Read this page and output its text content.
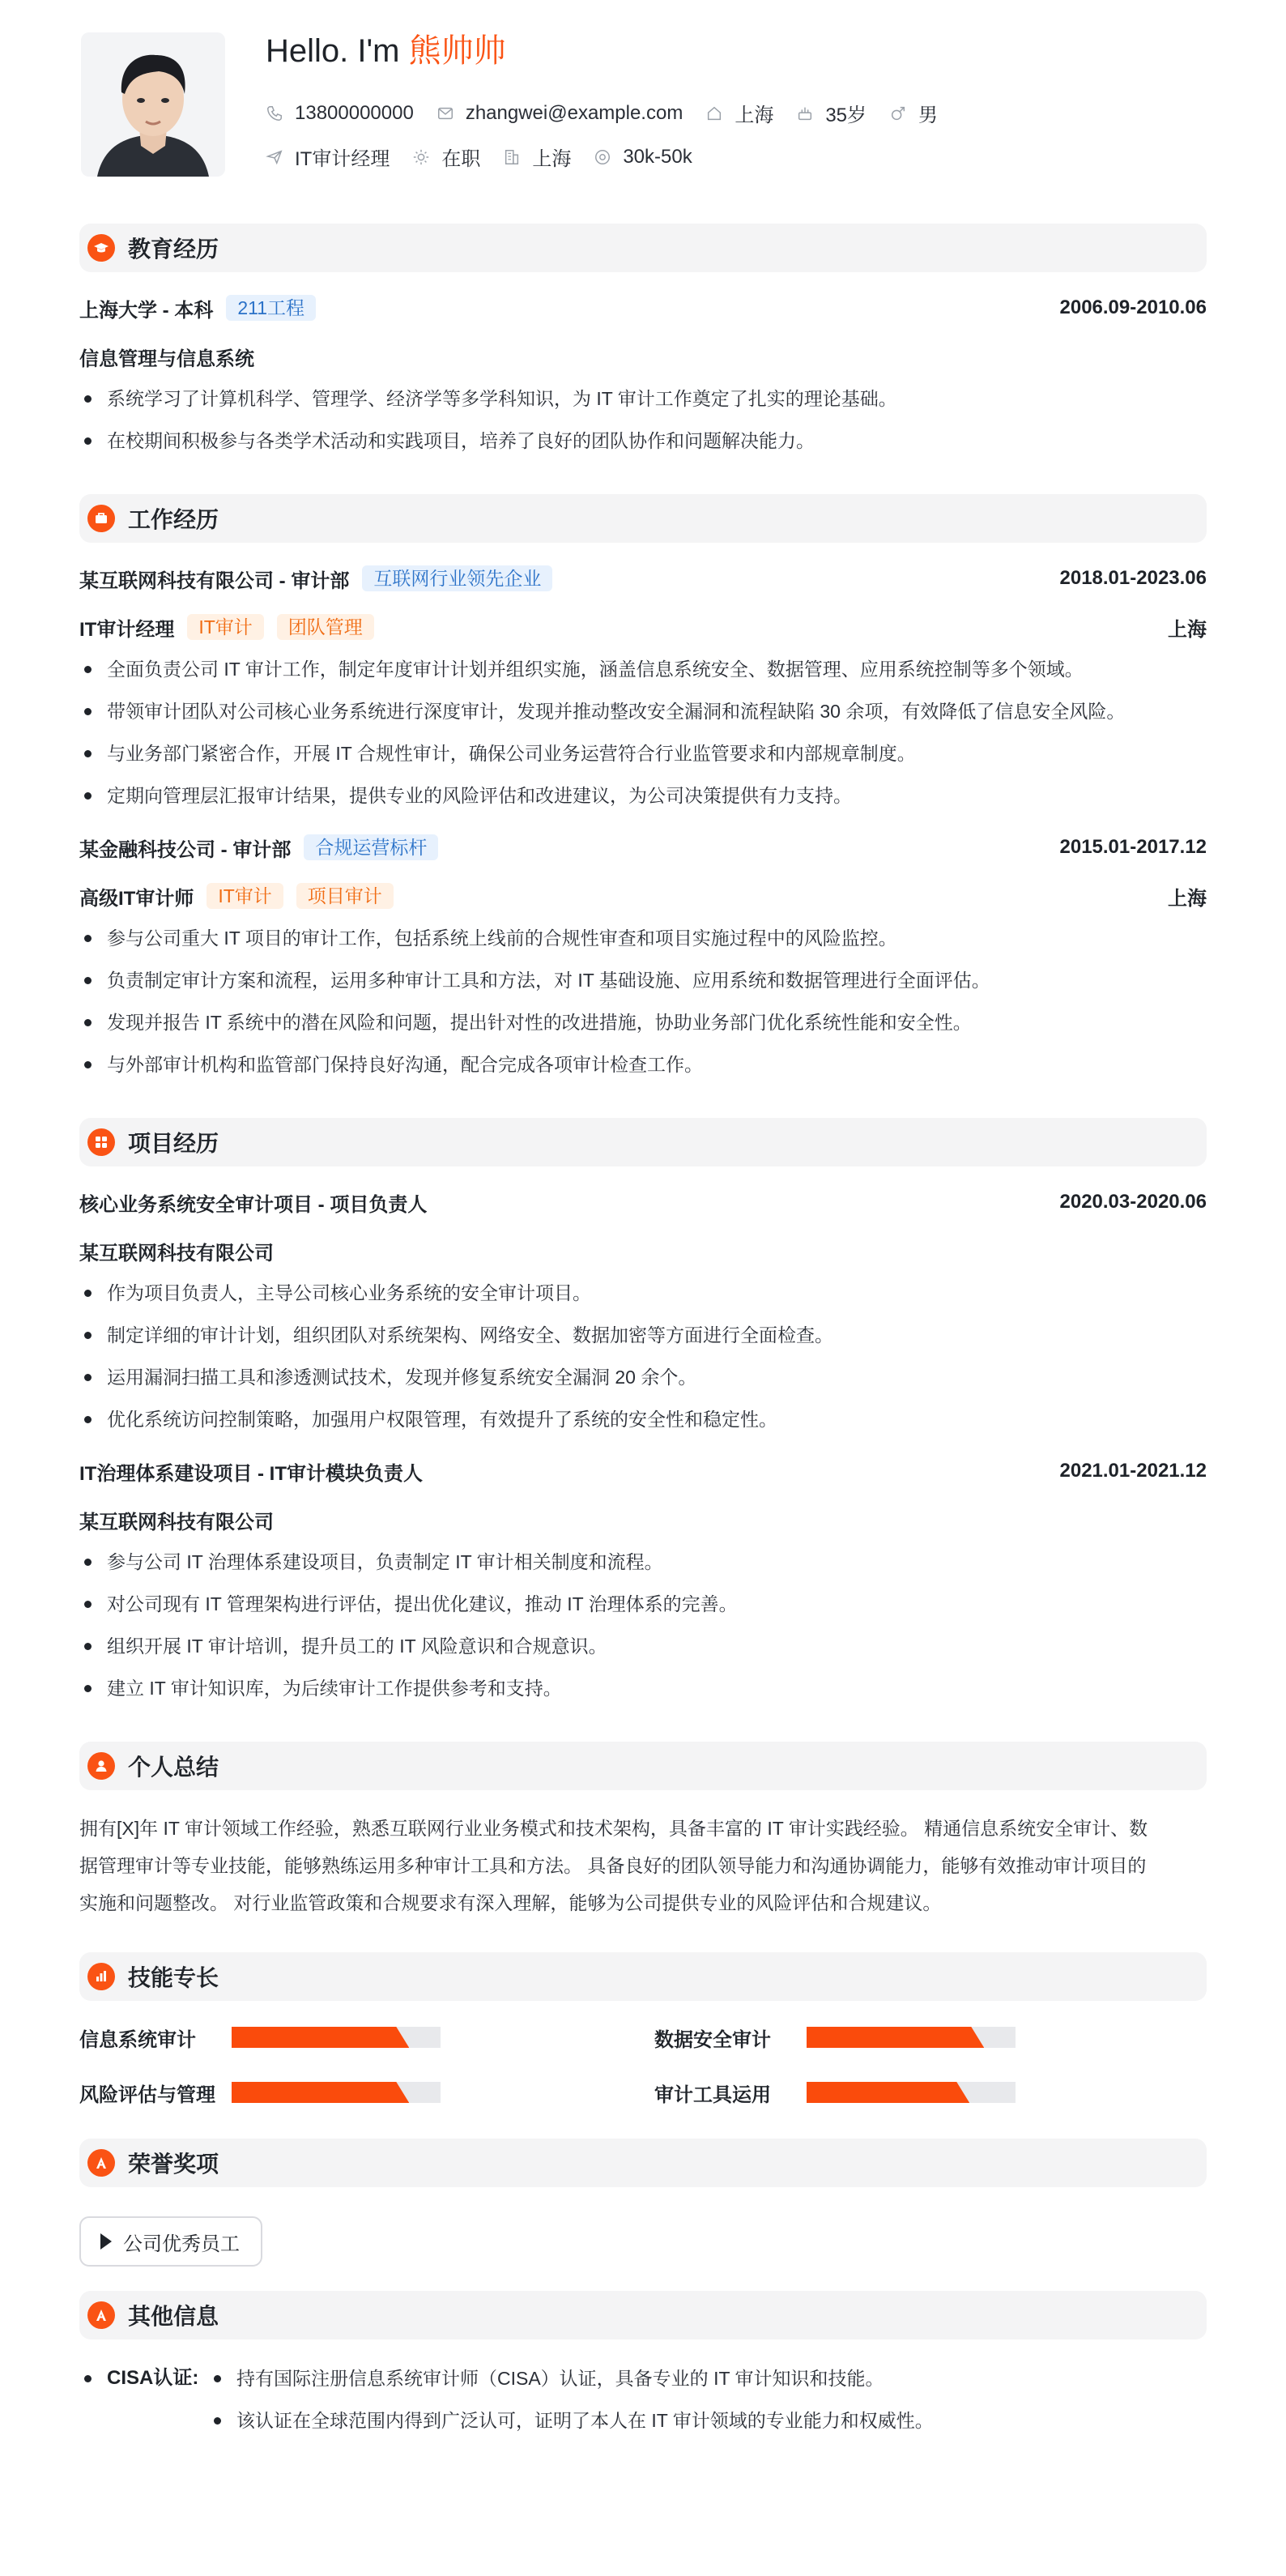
Hello. I'm 熊帅帅
13800000000	zhangwei@example.com	上海	35岁	男
IT审计经理	在职	上海	30k-50k
教育经历
上海大学 - 本科	211工程	2006.09-2010.06
信息管理与信息系统
系统学习了计算机科学、管理学、经济学等多学科知识，为 IT 审计工作奠定了扎实的理论基础。
在校期间积极参与各类学术活动和实践项目，培养了良好的团队协作和问题解决能力。
工作经历
某互联网科技有限公司 - 审计部	互联网行业领先企业	2018.01-2023.06
IT审计经理	IT审计	团队管理	上海
全面负责公司 IT 审计工作，制定年度审计计划并组织实施，涵盖信息系统安全、数据管理、应用系统控制等多个领域。
带领审计团队对公司核心业务系统进行深度审计，发现并推动整改安全漏洞和流程缺陷 30 余项，有效降低了信息安全风险。
与业务部门紧密合作，开展 IT 合规性审计，确保公司业务运营符合行业监管要求和内部规章制度。
定期向管理层汇报审计结果，提供专业的风险评估和改进建议，为公司决策提供有力支持。
某金融科技公司 - 审计部	合规运营标杆	2015.01-2017.12
高级IT审计师	IT审计	项目审计	上海
参与公司重大 IT 项目的审计工作，包括系统上线前的合规性审查和项目实施过程中的风险监控。
负责制定审计方案和流程，运用多种审计工具和方法，对 IT 基础设施、应用系统和数据管理进行全面评估。
发现并报告 IT 系统中的潜在风险和问题，提出针对性的改进措施，协助业务部门优化系统性能和安全性。
与外部审计机构和监管部门保持良好沟通，配合完成各项审计检查工作。
项目经历
核心业务系统安全审计项目 - 项目负责人	2020.03-2020.06
某互联网科技有限公司
作为项目负责人，主导公司核心业务系统的安全审计项目。
制定详细的审计计划，组织团队对系统架构、网络安全、数据加密等方面进行全面检查。
运用漏洞扫描工具和渗透测试技术，发现并修复系统安全漏洞 20 余个。
优化系统访问控制策略，加强用户权限管理，有效提升了系统的安全性和稳定性。
IT治理体系建设项目 - IT审计模块负责人	2021.01-2021.12
某互联网科技有限公司
参与公司 IT 治理体系建设项目，负责制定 IT 审计相关制度和流程。
对公司现有 IT 管理架构进行评估，提出优化建议，推动 IT 治理体系的完善。
组织开展 IT 审计培训，提升员工的 IT 风险意识和合规意识。
建立 IT 审计知识库，为后续审计工作提供参考和支持。
个人总结
拥有[X]年 IT 审计领域工作经验，熟悉互联网行业业务模式和技术架构，具备丰富的 IT 审计实践经验。 精通信息系统安全审计、数
据管理审计等专业技能，能够熟练运用多种审计工具和方法。 具备良好的团队领导能力和沟通协调能力，能够有效推动审计项目的
实施和问题整改。 对行业监管政策和合规要求有深入理解，能够为公司提供专业的风险评估和合规建议。
技能专长
信息系统审计	数据安全审计
风险评估与管理	审计工具运用
荣誉奖项
公司优秀员工
其他信息
CISA认证:	持有国际注册信息系统审计师（CISA）认证，具备专业的 IT 审计知识和技能。
该认证在全球范围内得到广泛认可，证明了本人在 IT 审计领域的专业能力和权威性。
